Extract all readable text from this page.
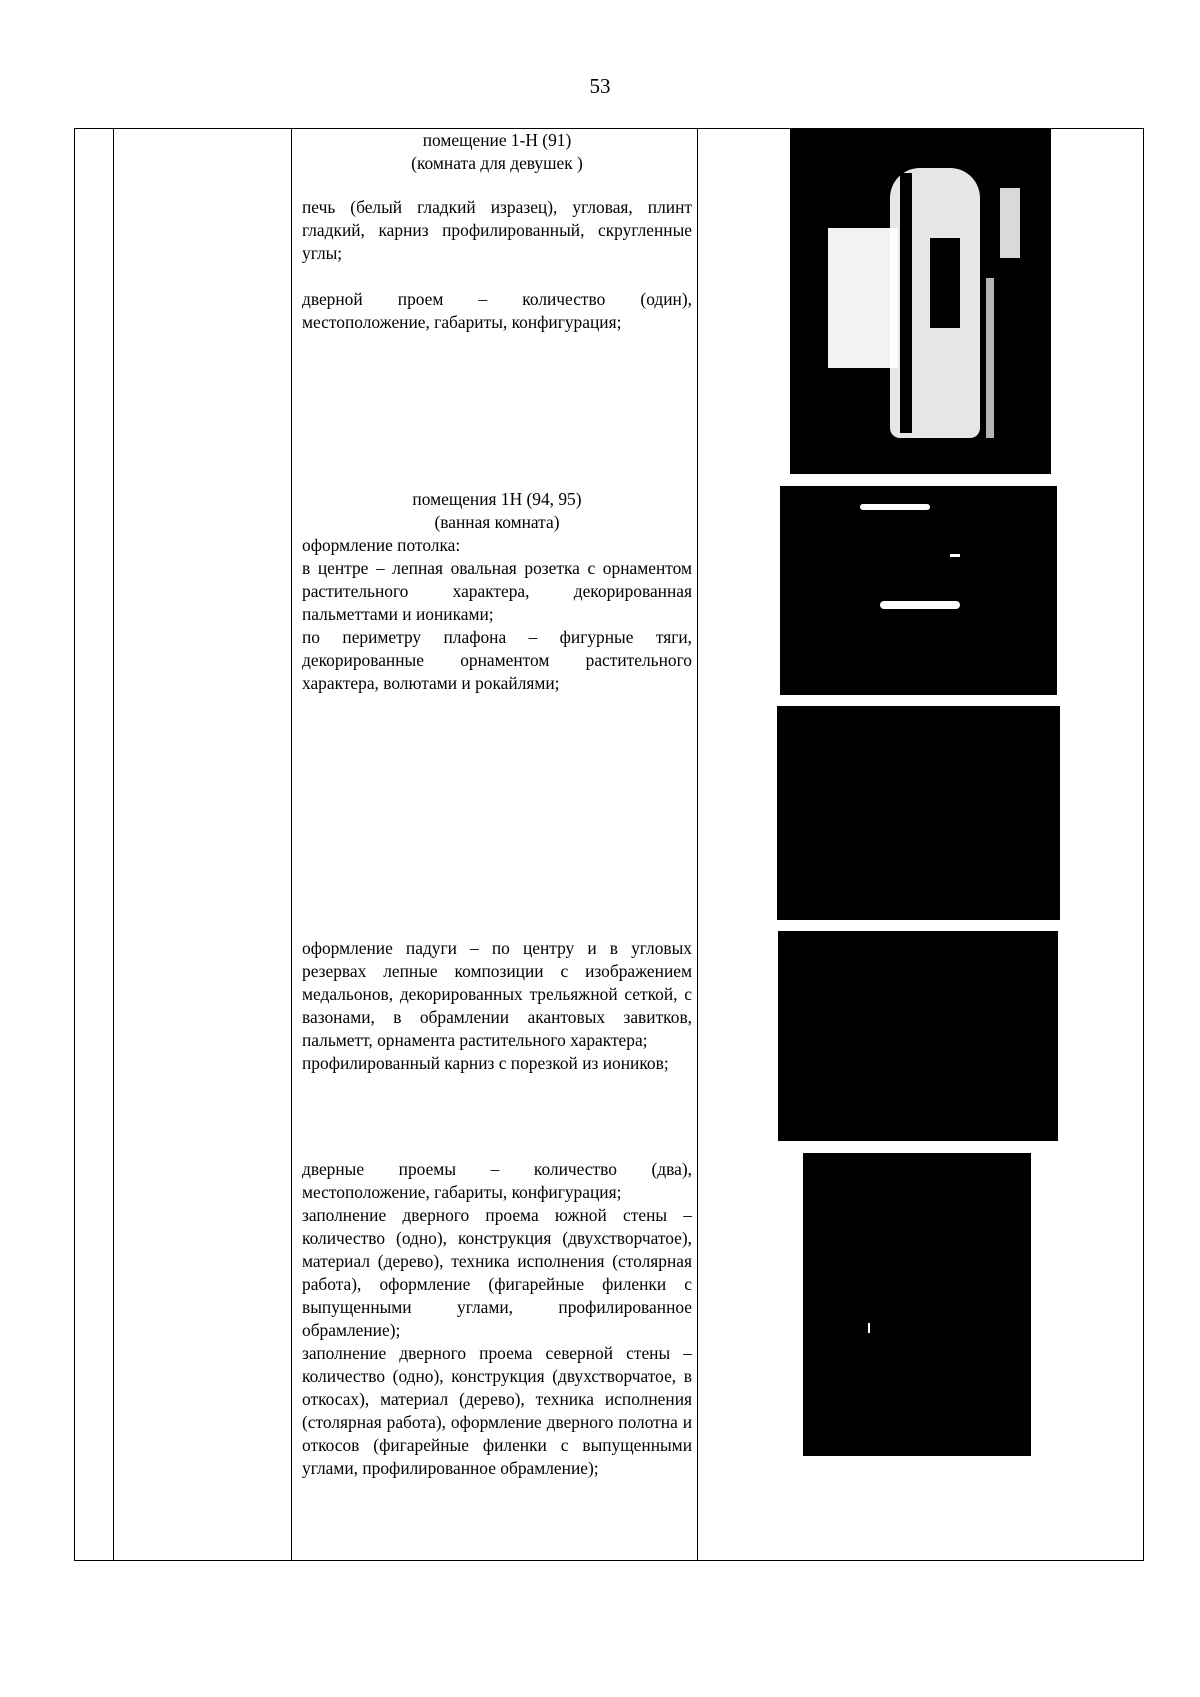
53
помещение 1-Н (91)
(комната для девушек )

печь (белый гладкий изразец), угловая, плинт гладкий, карниз профилированный, скругленные углы;

дверной проем – количество (один), местоположение, габариты, конфигурация;

помещения 1Н (94, 95)
(ванная комната)

оформление потолка:

в центре – лепная овальная розетка с орнаментом растительного характера, декорированная пальметтами и иониками;

по периметру плафона – фигурные тяги, декорированные орнаментом растительного характера, волютами и рокайлями;

оформление падуги – по центру и в угловых резервах лепные композиции с изображением медальонов, декорированных трельяжной сеткой, с вазонами, в обрамлении акантовых завитков, пальметт, орнамента растительного характера;

профилированный карниз с порезкой из иоников;

дверные проемы – количество (два), местоположение, габариты, конфигурация;

заполнение дверного проема южной стены – количество (одно), конструкция (двухстворчатое), материал (дерево), техника исполнения (столярная работа), оформление (фигарейные филенки с выпущенными углами, профилированное обрамление);

заполнение дверного проема северной стены – количество (одно), конструкция (двухстворчатое, в откосах), материал (дерево), техника исполнения (столярная работа), оформление дверного полотна и откосов (фигарейные филенки с выпущенными углами, профилированное обрамление);
